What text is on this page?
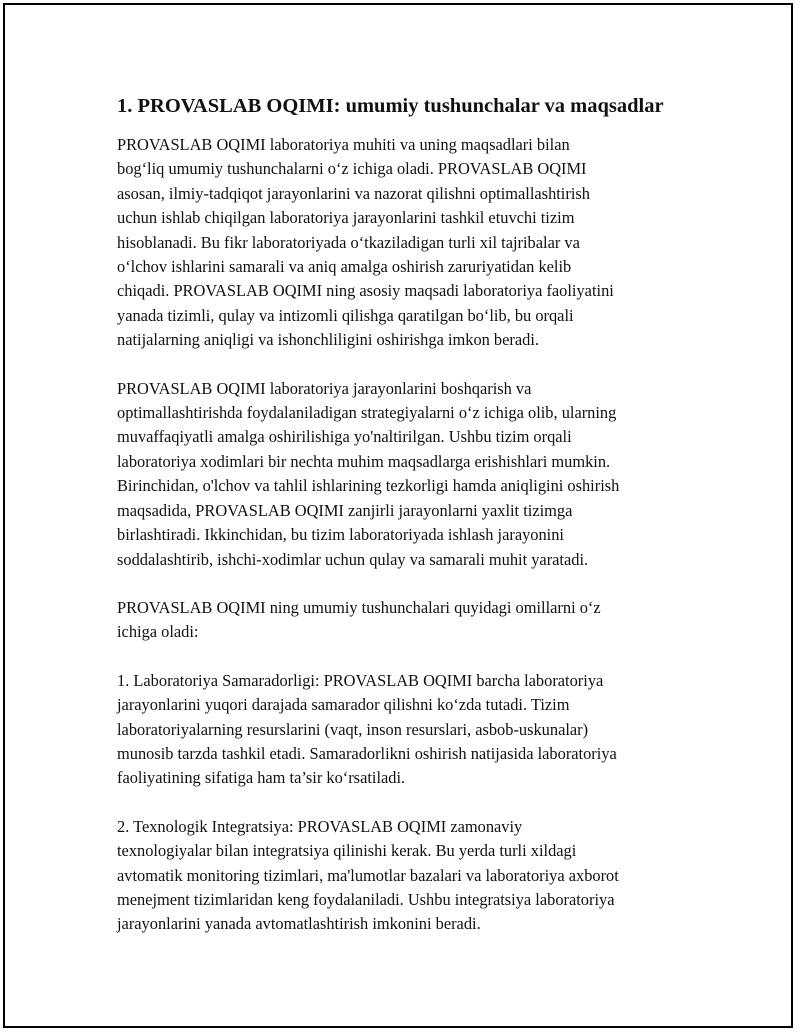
1. PROVASLAB OQIMI: umumiy tushunchalar va maqsadlar

PROVASLAB OQIMI laboratoriya muhiti va uning maqsadlari bilan
bog‘liq umumiy tushunchalarni o‘z ichiga oladi. PROVASLAB OQIMI
asosan, ilmiy-tadqiqot jarayonlarini va nazorat qilishni optimallashtirish
uchun ishlab chiqilgan laboratoriya jarayonlarini tashkil etuvchi tizim
hisoblanadi. Bu fikr laboratoriyada o‘tkaziladigan turli xil tajribalar va
o‘lchov ishlarini samarali va aniq amalga oshirish zaruriyatidan kelib
chiqadi. PROVASLAB OQIMI ning asosiy maqsadi laboratoriya faoliyatini
yanada tizimli, qulay va intizomli qilishga qaratilgan bo‘lib, bu orqali
natijalarning aniqligi va ishonchliligini oshirishga imkon beradi.

PROVASLAB OQIMI laboratoriya jarayonlarini boshqarish va
optimallashtirishda foydalaniladigan strategiyalarni o‘z ichiga olib, ularning
muvaffaqiyatli amalga oshirilishiga yo'naltirilgan. Ushbu tizim orqali
laboratoriya xodimlari bir nechta muhim maqsadlarga erishishlari mumkin.
Birinchidan, o'lchov va tahlil ishlarining tezkorligi hamda aniqligini oshirish
maqsadida, PROVASLAB OQIMI zanjirli jarayonlarni yaxlit tizimga
birlashtiradi. Ikkinchidan, bu tizim laboratoriyada ishlash jarayonini
soddalashtirib, ishchi-xodimlar uchun qulay va samarali muhit yaratadi.

PROVASLAB OQIMI ning umumiy tushunchalari quyidagi omillarni o‘z
ichiga oladi:

1. Laboratoriya Samaradorligi: PROVASLAB OQIMI barcha laboratoriya
jarayonlarini yuqori darajada samarador qilishni ko‘zda tutadi. Tizim
laboratoriyalarning resurslarini (vaqt, inson resurslari, asbob-uskunalar)
munosib tarzda tashkil etadi. Samaradorlikni oshirish natijasida laboratoriya
faoliyatining sifatiga ham ta’sir ko‘rsatiladi.

2. Texnologik Integratsiya: PROVASLAB OQIMI zamonaviy
texnologiyalar bilan integratsiya qilinishi kerak. Bu yerda turli xildagi
avtomatik monitoring tizimlari, ma'lumotlar bazalari va laboratoriya axborot
menejment tizimlaridan keng foydalaniladi. Ushbu integratsiya laboratoriya
jarayonlarini yanada avtomatlashtirish imkonini beradi.
